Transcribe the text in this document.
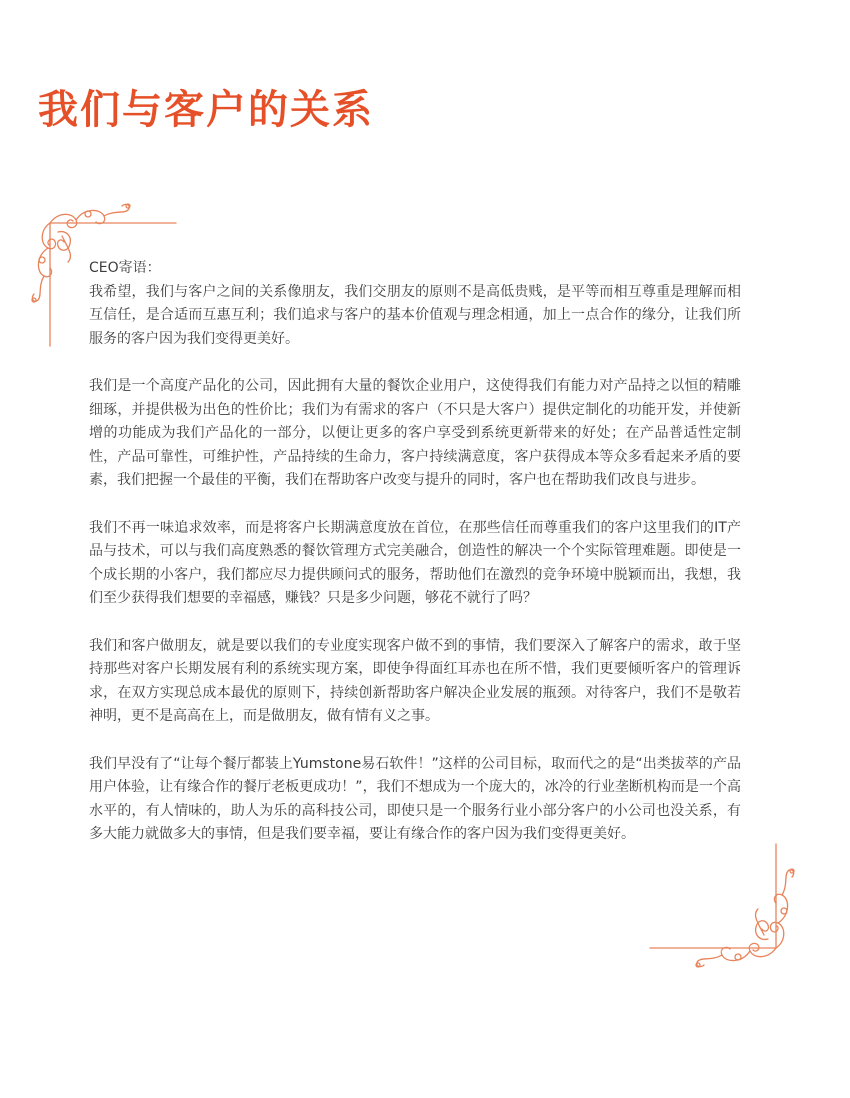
我们与客户的关系

CEO寄语：

我希望，我们与客户之间的关系像朋友，我们交朋友的原则不是高低贵贱，是平等而相互尊重是理解而相互信任，是合适而互惠互利；我们追求与客户的基本价值观与理念相通，加上一点合作的缘分，让我们所服务的客户因为我们变得更美好。

我们是一个高度产品化的公司，因此拥有大量的餐饮企业用户，这使得我们有能力对产品持之以恒的精雕细琢，并提供极为出色的性价比；我们为有需求的客户（不只是大客户）提供定制化的功能开发，并使新增的功能成为我们产品化的一部分，以便让更多的客户享受到系统更新带来的好处；在产品普适性定制性，产品可靠性，可维护性，产品持续的生命力，客户持续满意度，客户获得成本等众多看起来矛盾的要素，我们把握一个最佳的平衡，我们在帮助客户改变与提升的同时，客户也在帮助我们改良与进步。

我们不再一味追求效率，而是将客户长期满意度放在首位，在那些信任而尊重我们的客户这里我们的IT产品与技术，可以与我们高度熟悉的餐饮管理方式完美融合，创造性的解决一个个实际管理难题。即使是一个成长期的小客户，我们都应尽力提供顾问式的服务，帮助他们在激烈的竞争环境中脱颖而出，我想，我们至少获得我们想要的幸福感，赚钱？只是多少问题，够花不就行了吗？

我们和客户做朋友，就是要以我们的专业度实现客户做不到的事情，我们要深入了解客户的需求，敢于坚持那些对客户长期发展有利的系统实现方案，即使争得面红耳赤也在所不惜，我们更要倾听客户的管理诉求，在双方实现总成本最优的原则下，持续创新帮助客户解决企业发展的瓶颈。对待客户，我们不是敬若神明，更不是高高在上，而是做朋友，做有情有义之事。

我们早没有了“让每个餐厅都装上Yumstone易石软件！”这样的公司目标，取而代之的是“出类拔萃的产品用户体验，让有缘合作的餐厅老板更成功！”，我们不想成为一个庞大的，冰冷的行业垄断机构而是一个高水平的，有人情味的，助人为乐的高科技公司，即使只是一个服务行业小部分客户的小公司也没关系，有多大能力就做多大的事情，但是我们要幸福，要让有缘合作的客户因为我们变得更美好。
